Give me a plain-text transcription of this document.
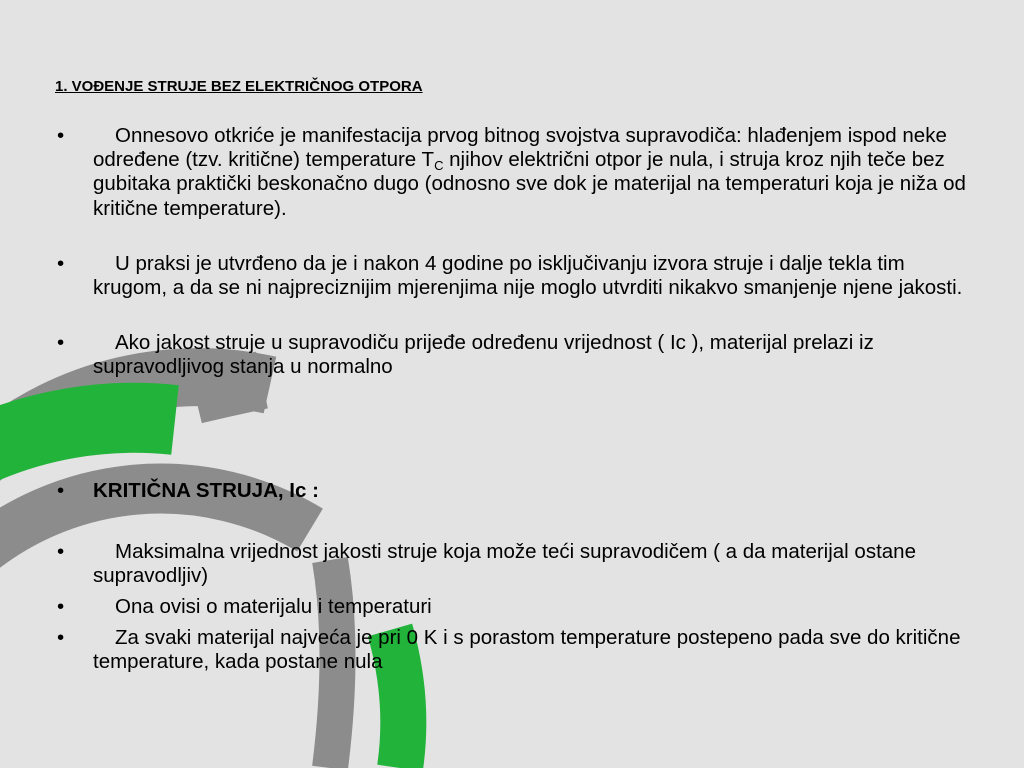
1. VOĐENJE STRUJE BEZ ELEKTRIČNOG OTPORA
• Onnesovo otkriće je manifestacija prvog bitnog svojstva supravodiča: hlađenjem ispod neke određene (tzv. kritične) temperature $T_C$ njihov električni otpor je nula, i struja kroz njih teče bez gubitaka praktički beskonačno dugo (odnosno sve dok je materijal na temperaturi koja je niža od kritične temperature).
• U praksi je utvrđeno da je i nakon 4 godine po isključivanju izvora struje i dalje tekla tim krugom, a da se ni najpreciznijim mjerenjima nije moglo utvrditi nikakvo smanjenje njene jakosti.
• Ako jakost struje u supravodiču prijeđe određenu vrijednost ( Ic ), materijal prelazi iz supravodljivog stanja u normalno
• KRITIČNA STRUJA, Ic :
• Maksimalna vrijednost jakosti struje koja može teći supravodičem ( a da materijal ostane supravodljiv)
• Ona ovisi o materijalu i temperaturi
• Za svaki materijal najveća je pri 0 K i s porastom temperature postepeno pada sve do kritične temperature, kada postane nula
